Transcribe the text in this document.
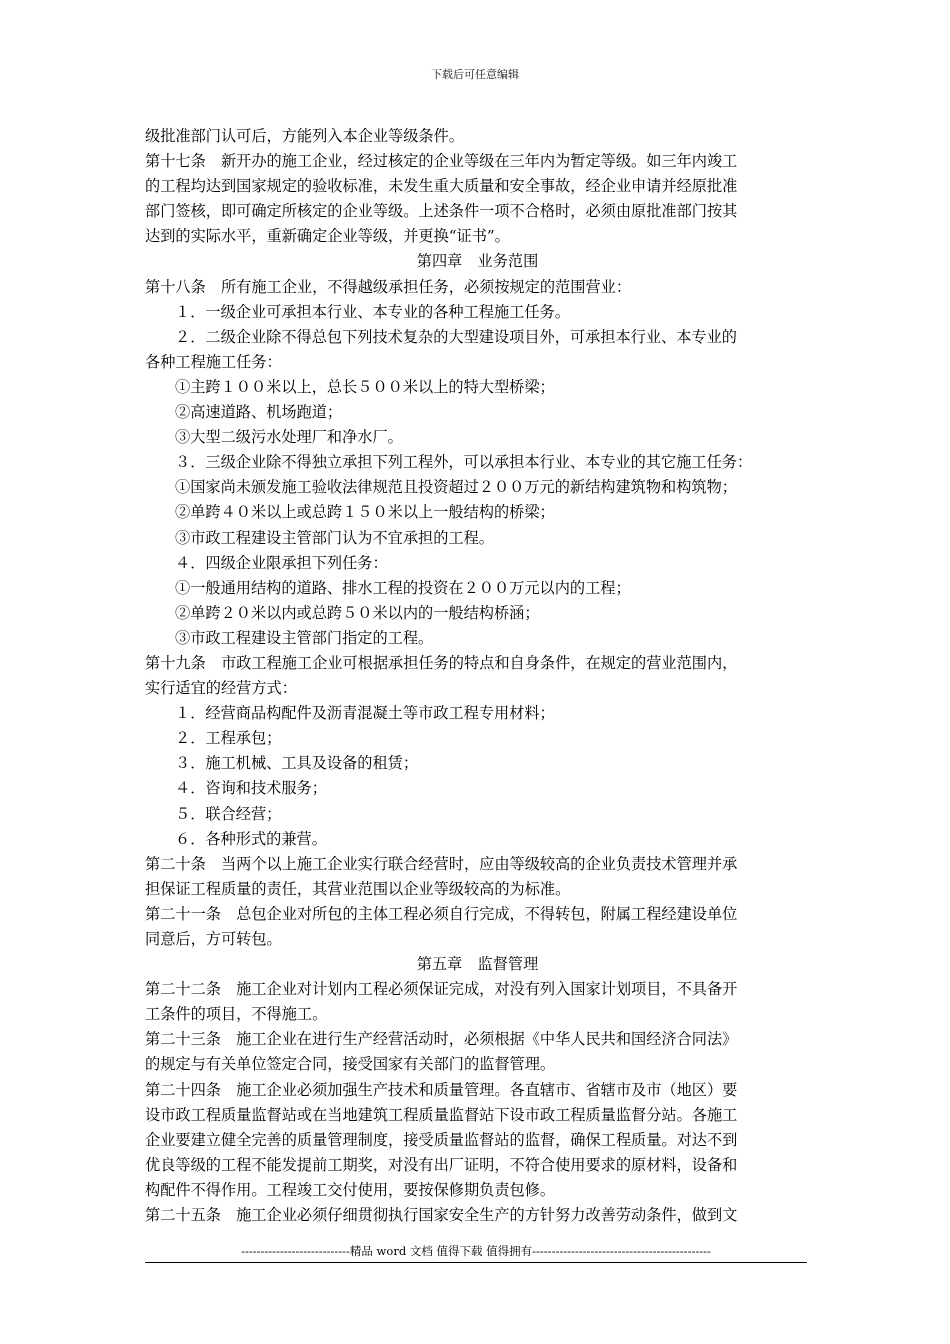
下载后可任意编辑
级批准部门认可后，方能列入本企业等级条件。
第十七条　新开办的施工企业，经过核定的企业等级在三年内为暂定等级。如三年内竣工
的工程均达到国家规定的验收标准，未发生重大质量和安全事故，经企业申请并经原批准
部门签核，即可确定所核定的企业等级。上述条件一项不合格时，必须由原批准部门按其
达到的实际水平，重新确定企业等级，并更换“证书”。
第四章　业务范围
第十八条　所有施工企业，不得越级承担任务，必须按规定的范围营业：
１．一级企业可承担本行业、本专业的各种工程施工任务。
２．二级企业除不得总包下列技术复杂的大型建设项目外，可承担本行业、本专业的
各种工程施工任务：
①主跨１００米以上，总长５００米以上的特大型桥梁；
②高速道路、机场跑道；
③大型二级污水处理厂和净水厂。
３．三级企业除不得独立承担下列工程外，可以承担本行业、本专业的其它施工任务：
①国家尚未颁发施工验收法律规范且投资超过２００万元的新结构建筑物和构筑物；
②单跨４０米以上或总跨１５０米以上一般结构的桥梁；
③市政工程建设主管部门认为不宜承担的工程。
４．四级企业限承担下列任务：
①一般通用结构的道路、排水工程的投资在２００万元以内的工程；
②单跨２０米以内或总跨５０米以内的一般结构桥涵；
③市政工程建设主管部门指定的工程。
第十九条　市政工程施工企业可根据承担任务的特点和自身条件，在规定的营业范围内，
实行适宜的经营方式：
１．经营商品构配件及沥青混凝土等市政工程专用材料；
２．工程承包；
３．施工机械、工具及设备的租赁；
４．咨询和技术服务；
５．联合经营；
６．各种形式的兼营。
第二十条　当两个以上施工企业实行联合经营时，应由等级较高的企业负责技术管理并承
担保证工程质量的责任，其营业范围以企业等级较高的为标准。
第二十一条　总包企业对所包的主体工程必须自行完成，不得转包，附属工程经建设单位
同意后，方可转包。
第五章　监督管理
第二十二条　施工企业对计划内工程必须保证完成，对没有列入国家计划项目，不具备开
工条件的项目，不得施工。
第二十三条　施工企业在进行生产经营活动时，必须根据《中华人民共和国经济合同法》
的规定与有关单位签定合同，接受国家有关部门的监督管理。
第二十四条　施工企业必须加强生产技术和质量管理。各直辖市、省辖市及市（地区）要
设市政工程质量监督站或在当地建筑工程质量监督站下设市政工程质量监督分站。各施工
企业要建立健全完善的质量管理制度，接受质量监督站的监督，确保工程质量。对达不到
优良等级的工程不能发提前工期奖，对没有出厂证明，不符合使用要求的原材料，设备和
构配件不得作用。工程竣工交付使用，要按保修期负责包修。
第二十五条　施工企业必须仔细贯彻执行国家安全生产的方针努力改善劳动条件，做到文
----------------------------精品 word 文档 值得下载 值得拥有----------------------------------------------
